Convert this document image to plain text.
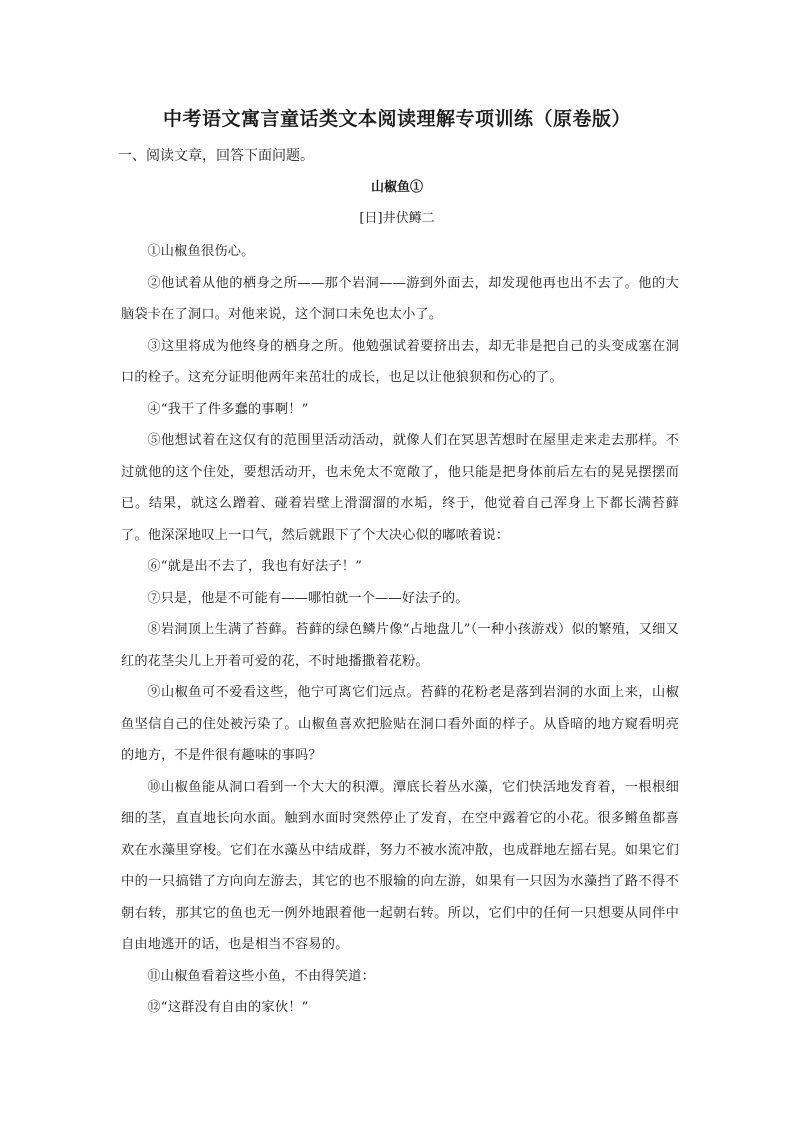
中考语文寓言童话类文本阅读理解专项训练（原卷版）

一、阅读文章，回答下面问题。

山椒鱼①

[日]井伏鳟二

①山椒鱼很伤心。

②他试着从他的栖身之所——那个岩洞——游到外面去，却发现他再也出不去了。他的大脑袋卡在了洞口。对他来说，这个洞口未免也太小了。

③这里将成为他终身的栖身之所。他勉强试着要挤出去，却无非是把自己的头变成塞在洞口的栓子。这充分证明他两年来茁壮的成长，也足以让他狼狈和伤心的了。

④“我干了件多蠢的事啊！”

⑤他想试着在这仅有的范围里活动活动，就像人们在冥思苦想时在屋里走来走去那样。不过就他的这个住处，要想活动开，也未免太不宽敞了，他只能是把身体前后左右的晃晃摆摆而已。结果，就这么蹭着、碰着岩壁上滑溜溜的水垢，终于，他觉着自己浑身上下都长满苔藓了。他深深地叹上一口气，然后就跟下了个大决心似的嘟哝着说：

⑥“就是出不去了，我也有好法子！”

⑦只是，他是不可能有——哪怕就一个——好法子的。

⑧岩洞顶上生满了苔藓。苔藓的绿色鳞片像“占地盘儿”（一种小孩游戏）似的繁殖，又细又红的花茎尖儿上开着可爱的花，不时地播撒着花粉。

⑨山椒鱼可不爱看这些，他宁可离它们远点。苔藓的花粉老是落到岩洞的水面上来，山椒鱼坚信自己的住处被污染了。山椒鱼喜欢把脸贴在洞口看外面的样子。从昏暗的地方窥看明亮的地方，不是件很有趣味的事吗？

⑩山椒鱼能从洞口看到一个大大的积潭。潭底长着丛水藻，它们快活地发育着，一根根细细的茎，直直地长向水面。触到水面时突然停止了发育，在空中露着它的小花。很多鳉鱼都喜欢在水藻里穿梭。它们在水藻丛中结成群，努力不被水流冲散，也成群地左摇右晃。如果它们中的一只搞错了方向向左游去，其它的也不服输的向左游，如果有一只因为水藻挡了路不得不朝右转，那其它的鱼也无一例外地跟着他一起朝右转。所以，它们中的任何一只想要从同伴中自由地逃开的话，也是相当不容易的。

⑪山椒鱼看着这些小鱼，不由得笑道：

⑫“这群没有自由的家伙！”
